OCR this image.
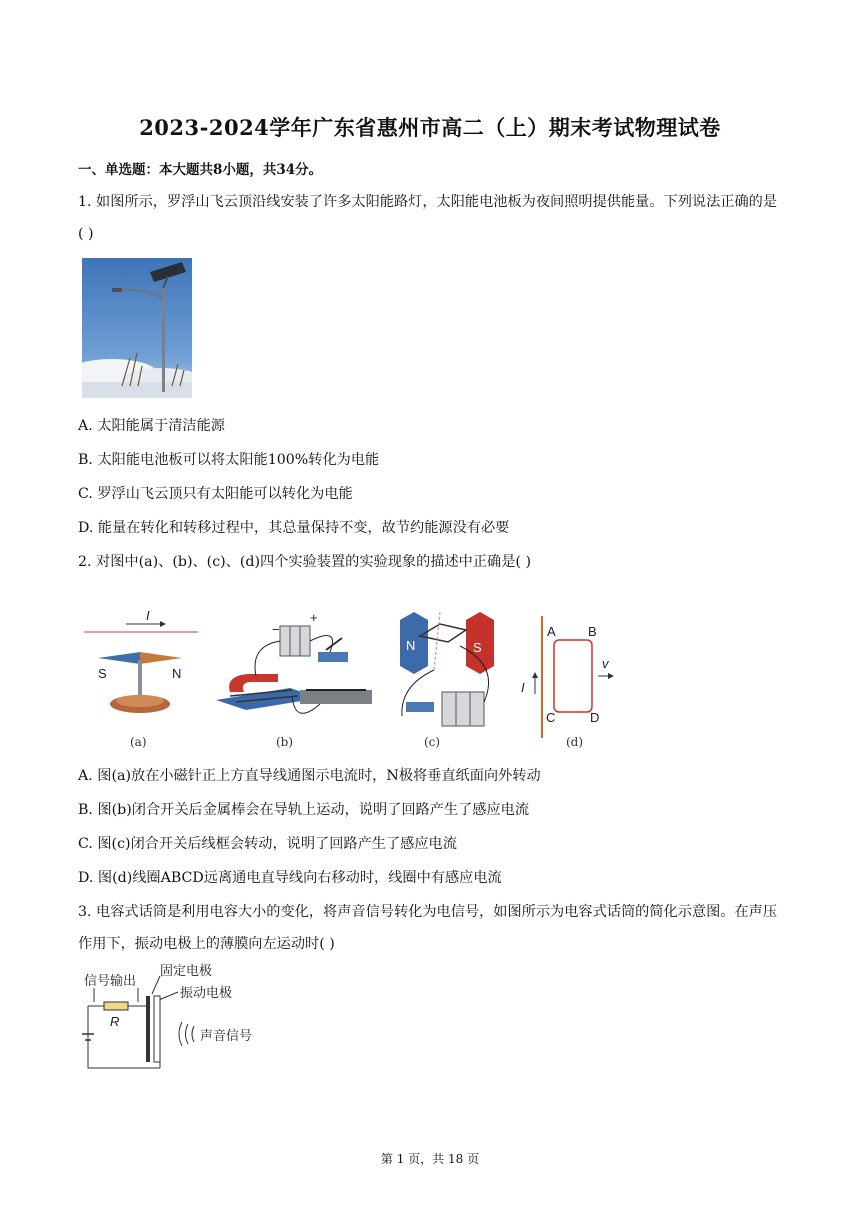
2023-2024学年广东省惠州市高二（上）期末考试物理试卷
一、单选题：本大题共8小题，共34分。
1. 如图所示，罗浮山飞云顶沿线安装了许多太阳能路灯，太阳能电池板为夜间照明提供能量。下列说法正确的是( )
A. 太阳能属于清洁能源
B. 太阳能电池板可以将太阳能100%转化为电能
C. 罗浮山飞云顶只有太阳能可以转化为电能
D. 能量在转化和转移过程中，其总量保持不变，故节约能源没有必要
2. 对图中(a)、(b)、(c)、(d)四个实验装置的实验现象的描述中正确是( )
I
S	N
(a)
−
+
(b)
N	S
(c)
A B
C	D
I
v
(d)
A. 图(a)放在小磁针正上方直导线通图示电流时，N极将垂直纸面向外转动
B. 图(b)闭合开关后金属棒会在导轨上运动，说明了回路产生了感应电流
C. 图(c)闭合开关后线框会转动，说明了回路产生了感应电流
D. 图(d)线圈ABCD远离通电直导线向右移动时，线圈中有感应电流
3. 电容式话筒是利用电容大小的变化，将声音信号转化为电信号，如图所示为电容式话筒的简化示意图。在声压作用下，振动电极上的薄膜向左运动时( )
固定电极
信号输出
振动电极
R
声音信号
第 1 页，共 18 页
